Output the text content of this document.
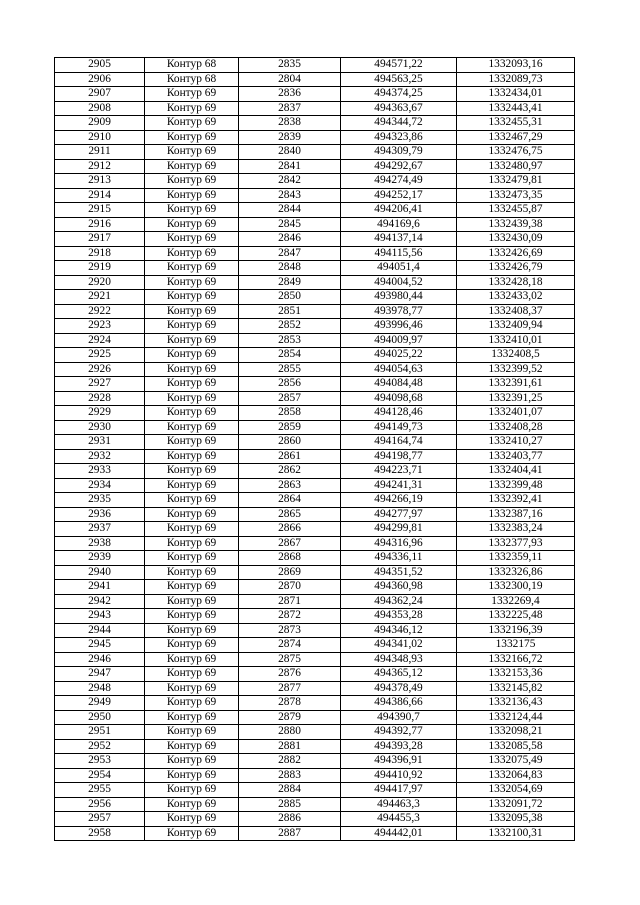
2905	Контур 68	2835	494571,22	1332093,16
2906	Контур 68	2804	494563,25	1332089,73
2907	Контур 69	2836	494374,25	1332434,01
2908	Контур 69	2837	494363,67	1332443,41
2909	Контур 69	2838	494344,72	1332455,31
2910	Контур 69	2839	494323,86	1332467,29
2911	Контур 69	2840	494309,79	1332476,75
2912	Контур 69	2841	494292,67	1332480,97
2913	Контур 69	2842	494274,49	1332479,81
2914	Контур 69	2843	494252,17	1332473,35
2915	Контур 69	2844	494206,41	1332455,87
2916	Контур 69	2845	494169,6	1332439,38
2917	Контур 69	2846	494137,14	1332430,09
2918	Контур 69	2847	494115,56	1332426,69
2919	Контур 69	2848	494051,4	1332426,79
2920	Контур 69	2849	494004,52	1332428,18
2921	Контур 69	2850	493980,44	1332433,02
2922	Контур 69	2851	493978,77	1332408,37
2923	Контур 69	2852	493996,46	1332409,94
2924	Контур 69	2853	494009,97	1332410,01
2925	Контур 69	2854	494025,22	1332408,5
2926	Контур 69	2855	494054,63	1332399,52
2927	Контур 69	2856	494084,48	1332391,61
2928	Контур 69	2857	494098,68	1332391,25
2929	Контур 69	2858	494128,46	1332401,07
2930	Контур 69	2859	494149,73	1332408,28
2931	Контур 69	2860	494164,74	1332410,27
2932	Контур 69	2861	494198,77	1332403,77
2933	Контур 69	2862	494223,71	1332404,41
2934	Контур 69	2863	494241,31	1332399,48
2935	Контур 69	2864	494266,19	1332392,41
2936	Контур 69	2865	494277,97	1332387,16
2937	Контур 69	2866	494299,81	1332383,24
2938	Контур 69	2867	494316,96	1332377,93
2939	Контур 69	2868	494336,11	1332359,11
2940	Контур 69	2869	494351,52	1332326,86
2941	Контур 69	2870	494360,98	1332300,19
2942	Контур 69	2871	494362,24	1332269,4
2943	Контур 69	2872	494353,28	1332225,48
2944	Контур 69	2873	494346,12	1332196,39
2945	Контур 69	2874	494341,02	1332175
2946	Контур 69	2875	494348,93	1332166,72
2947	Контур 69	2876	494365,12	1332153,36
2948	Контур 69	2877	494378,49	1332145,82
2949	Контур 69	2878	494386,66	1332136,43
2950	Контур 69	2879	494390,7	1332124,44
2951	Контур 69	2880	494392,77	1332098,21
2952	Контур 69	2881	494393,28	1332085,58
2953	Контур 69	2882	494396,91	1332075,49
2954	Контур 69	2883	494410,92	1332064,83
2955	Контур 69	2884	494417,97	1332054,69
2956	Контур 69	2885	494463,3	1332091,72
2957	Контур 69	2886	494455,3	1332095,38
2958	Контур 69	2887	494442,01	1332100,31
